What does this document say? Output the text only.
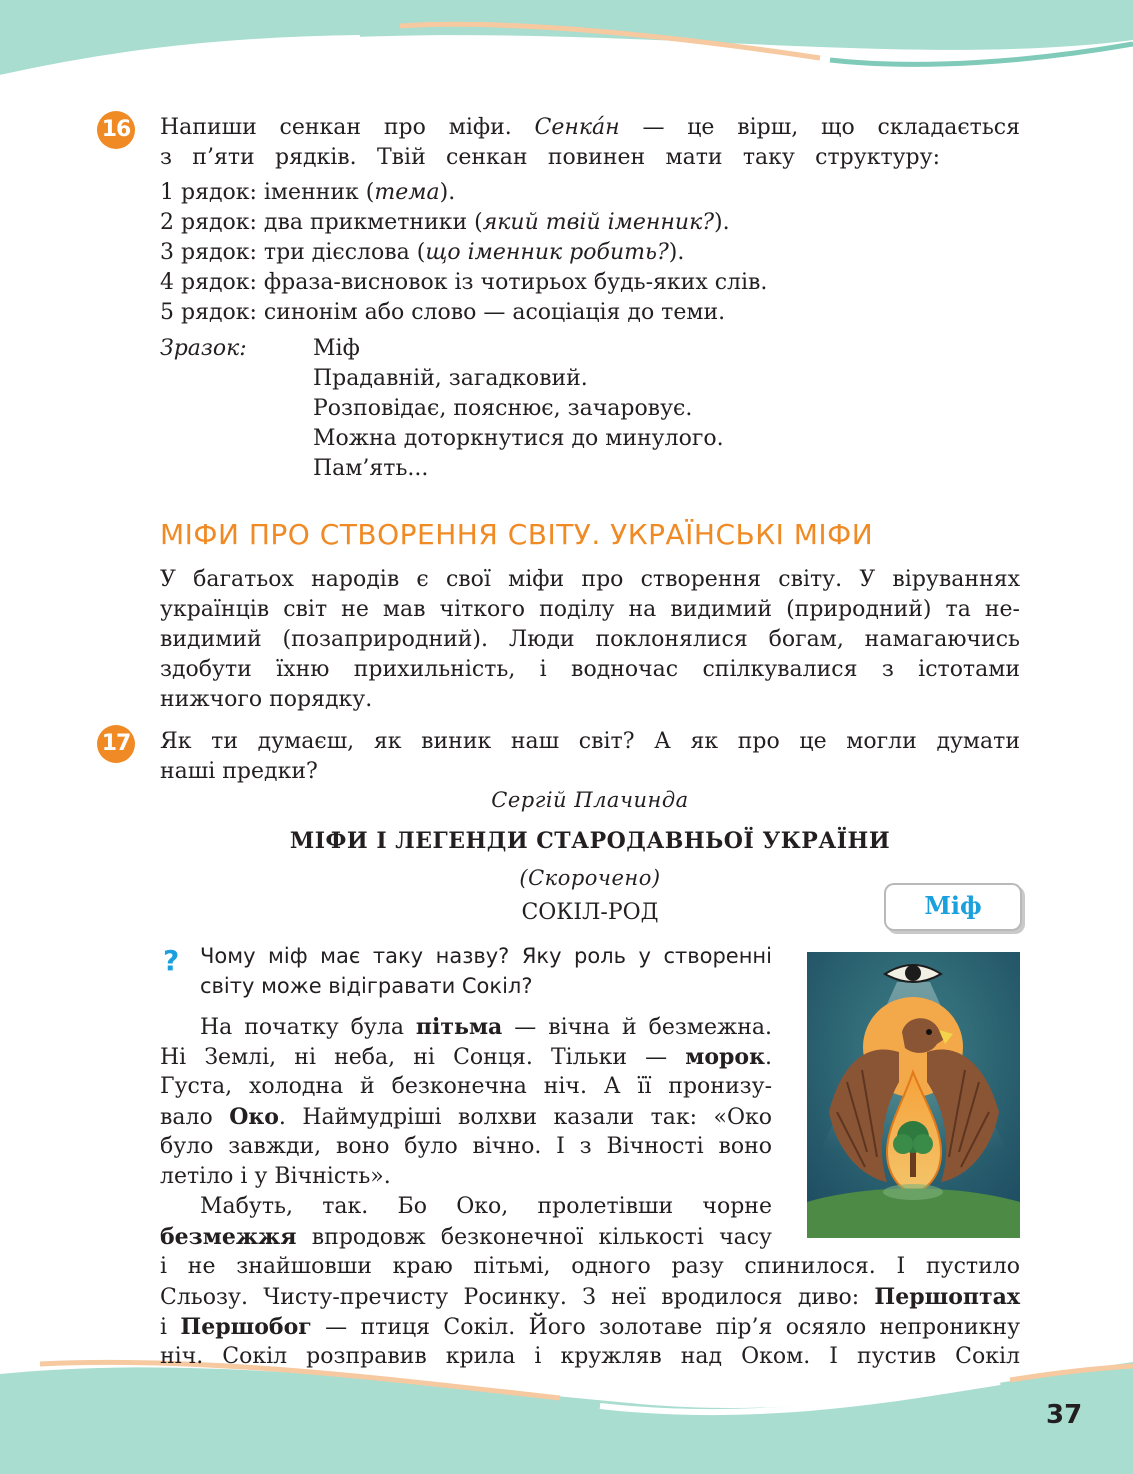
16 Напиши сенкан про міфи. Сенка́н — це вірш, що складається
з п’яти рядків. Твій сенкан повинен мати таку структуру:
1 рядок: іменник (тема).
2 рядок: два прикметники (який твій іменник?).
3 рядок: три дієслова (що іменник робить?).
4 рядок: фраза-висновок із чотирьох будь-яких слів.
5 рядок: синонім або слово — асоціація до теми.
Зразок:	Міф
Прадавній, загадковий.
Розповідає, пояснює, зачаровує.
Можна доторкнутися до минулого.
Пам’ять...
МІФИ ПРО СТВОРЕННЯ СВІТУ. УКРАЇНСЬКІ МІФИ
У багатьох народів є свої міфи про створення світу. У віруваннях
українців світ не мав чіткого поділу на видимий (природний) та не-
видимий (позаприродний). Люди поклонялися богам, намагаючись
здобути їхню прихильність, і водночас спілкувалися з істотами
нижчого порядку.
17 Як ти думаєш, як виник наш світ? А як про це могли думати
наші предки?
Сергій Плачинда
МІФИ І ЛЕГЕНДИ СТАРОДАВНЬОЇ УКРАЇНИ
(Скорочено)
СОКІЛ-РОД	Міф
? Чому міф має таку назву? Яку роль у створенні
світу може відігравати Сокіл?
На початку була пітьма — вічна й безмежна.
Ні Землі, ні неба, ні Сонця. Тільки — морок.
Густа, холодна й безконечна ніч. А її пронизу-
вало Око. Наймудріші волхви казали так: «Око
було завжди, воно було вічно. І з Вічності воно
летіло і у Вічність».
Мабуть, так. Бо Око, пролетівши чорне
безмежжя впродовж безконечної кількості часу
і не знайшовши краю пітьмі, одного разу спинилося. І пустило
Сльозу. Чисту-пречисту Росинку. З неї вродилося диво: Першоптах
і Першобог — птиця Сокіл. Його золотаве пір’я осяяло непроникну
ніч. Сокіл розправив крила і кружляв над Оком. І пустив Сокіл
37
